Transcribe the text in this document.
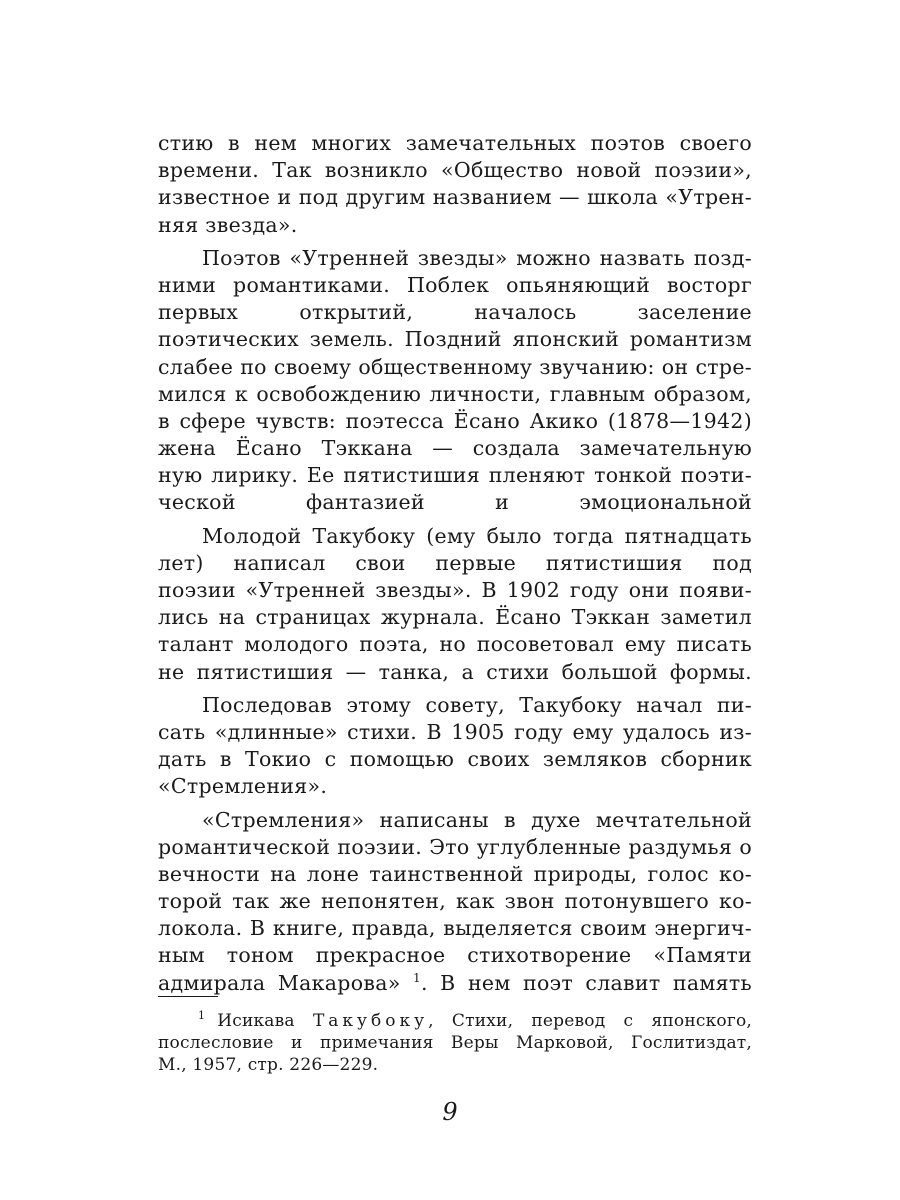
стию в нем многих замечательных поэтов своего
времени. Так возникло «Общество новой поэзии»,
известное и под другим названием — школа «Утрен-
няя звезда».
Поэтов «Утренней звезды» можно назвать позд-
ними романтиками. Поблек опьяняющий восторг
первых открытий, началось заселение
поэтических земель. Поздний японский романтизм
слабее по своему общественному звучанию: он стре-
мился к освобождению личности, главным образом,
в сфере чувств: поэтесса Ёсано Акико (1878—1942)
жена Ёсано Тэккана — создала замечательную
ную лирику. Ее пятистишия пленяют тонкой поэти-
ческой фантазией и эмоциональной
Молодой Такубоку (ему было тогда пятнадцать
лет) написал свои первые пятистишия под
поэзии «Утренней звезды». В 1902 году они появи-
лись на страницах журнала. Ёсано Тэккан заметил
талант молодого поэта, но посоветовал ему писать
не пятистишия — танка, а стихи большой формы.
Последовав этому совету, Такубоку начал пи-
сать «длинные» стихи. В 1905 году ему удалось из-
дать в Токио с помощью своих земляков сборник
«Стремления».
«Стремления» написаны в духе мечтательной
романтической поэзии. Это углубленные раздумья о
вечности на лоне таинственной природы, голос ко-
торой так же непонятен, как звон потонувшего ко-
локола. В книге, правда, выделяется своим энергич-
ным тоном прекрасное стихотворение «Памяти
адмирала Макарова» $^1$. В нем поэт славит память
$^1$ Исикава Такубоку, Стихи, перевод с японского,
послесловие и примечания Веры Марковой, Гослитиздат,
М., 1957, стр. 226—229.
9
